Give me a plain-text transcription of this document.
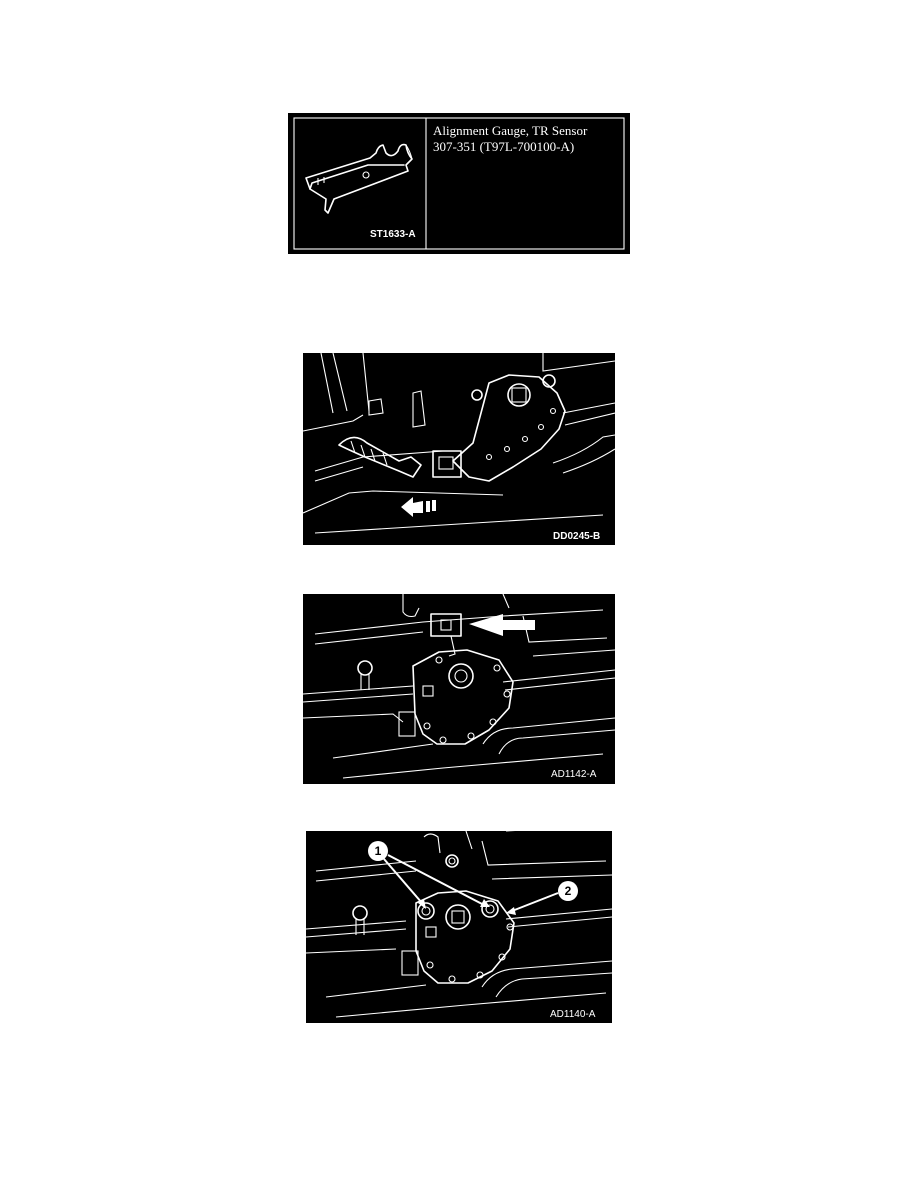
ST1633-A
Alignment Gauge, TR Sensor
307-351 (T97L-700100-A)
DD0245-B
AD1142-A
1
2
AD1140-A
